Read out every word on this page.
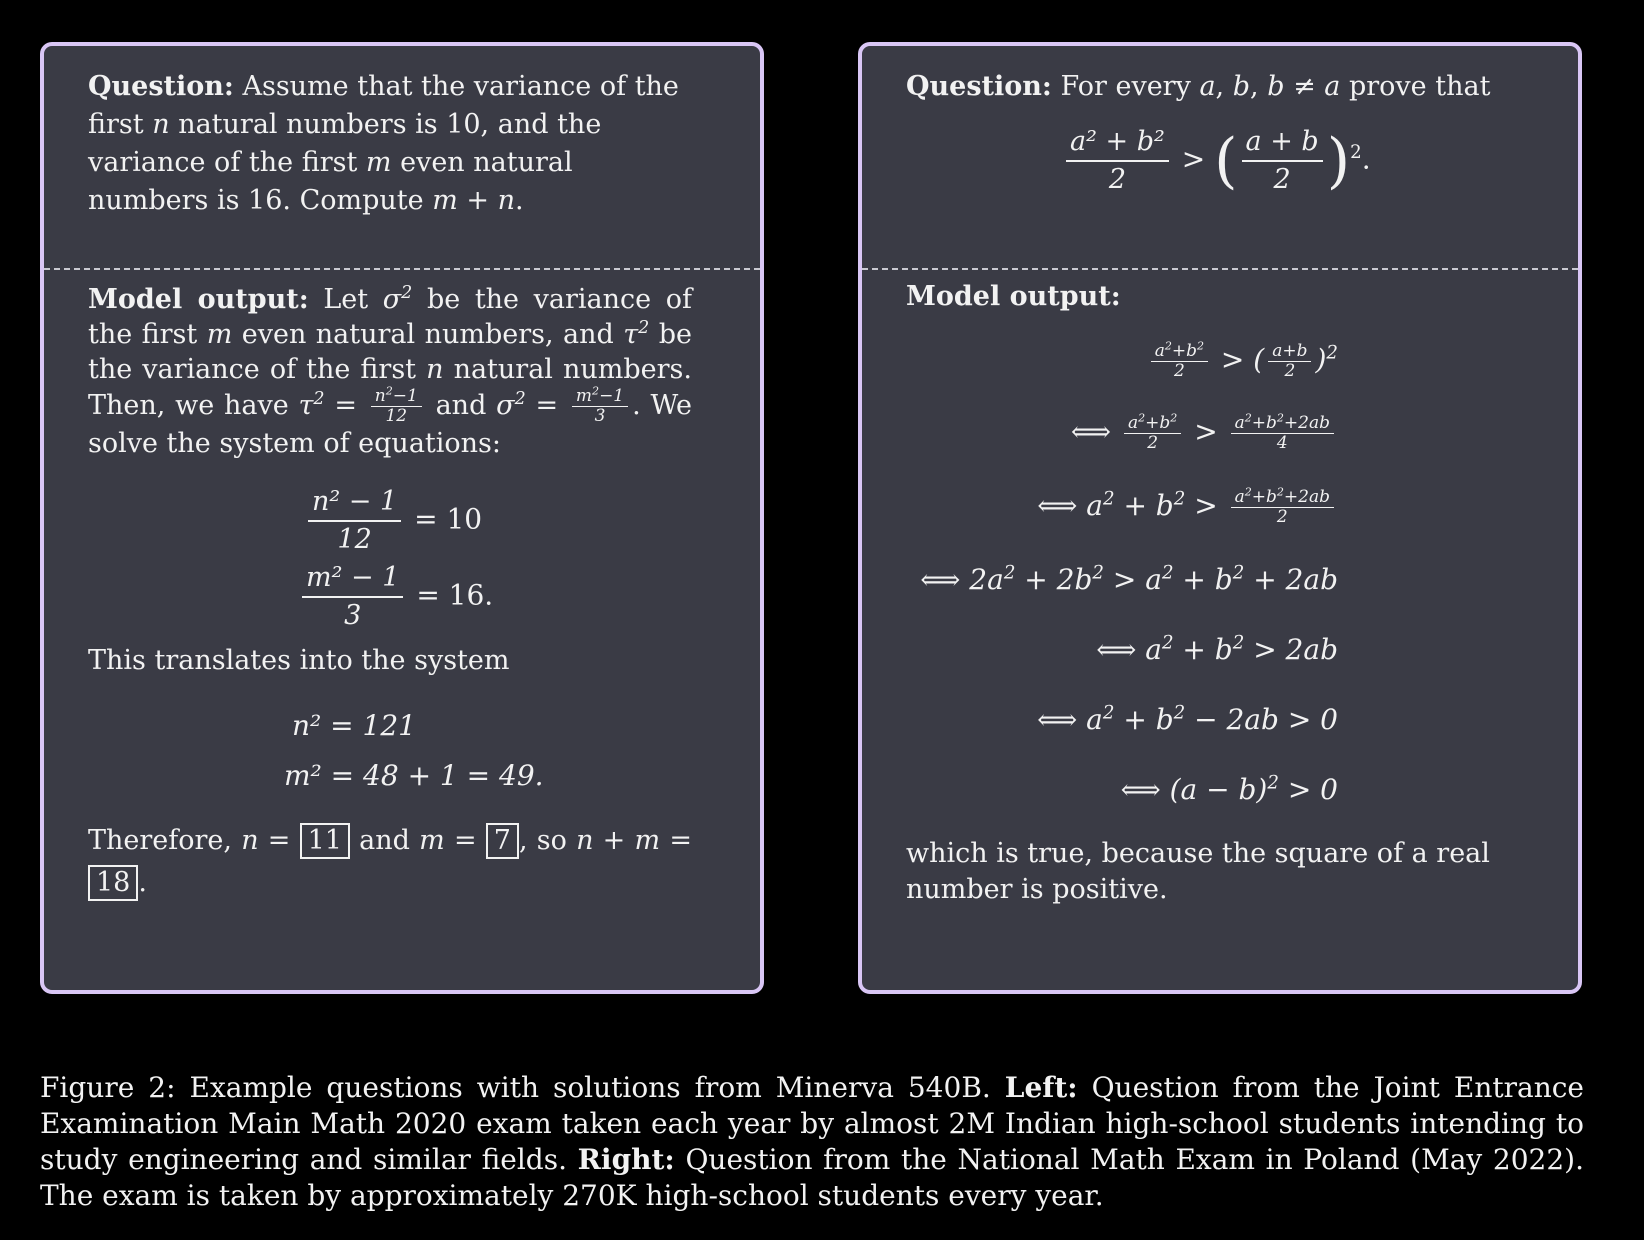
Question: Assume that the variance of the first n natural numbers is 10, and the variance of the first m even natural numbers is 16. Compute m + n.
Model output: Let $\sigma^2$ be the variance of the first m even natural numbers, and $\tau^2$ be the variance of the first n natural numbers. Then, we have $\tau^2 = \frac{n^2-1}{12}$ and $\sigma^2 = \frac{m^2-1}{3}$ . We solve the system of equations:
$\frac{\text{n² − 1}}{12} = 10$
$\frac{\text{m² − 1}}{3} = 16$.
This translates into the system
n² = 121
m² = 48 + 1 = 49.
Therefore, n = 11 and m = 7 , so n + m = 18 .
Question: For every a, b, b ≠ a prove that
$\frac{\text{a² + b²}}{2}$ > ( $\frac{a + b}{2} )^2$.
Model output:
$\frac{a^2+b^2}{2}$ > ( $\frac{a+b}{2} )^2$
⟺ $\frac{a^2+b^2}{2} > \frac{a^2+b^2+2ab}{4}$
⟺ $a^2 + b^2 > \frac{a^2+b^2+2ab}{2}$
⟺ $2a^2 + 2b^2 > a^2 + b^2 + 2ab$
⟺ $a^2 + b^2 > 2ab$
⟺ $a^2 + b^2 - 2ab > 0$
⟺ $(a - b)^2 > 0$
which is true, because the square of a real number is positive.
Figure 2: Example questions with solutions from Minerva 540B. Left: Question from the Joint Entrance Examination Main Math 2020 exam taken each year by almost 2M Indian high-school students intending to study engineering and similar fields. Right: Question from the National Math Exam in Poland (May 2022). The exam is taken by approximately 270K high-school students every year.
